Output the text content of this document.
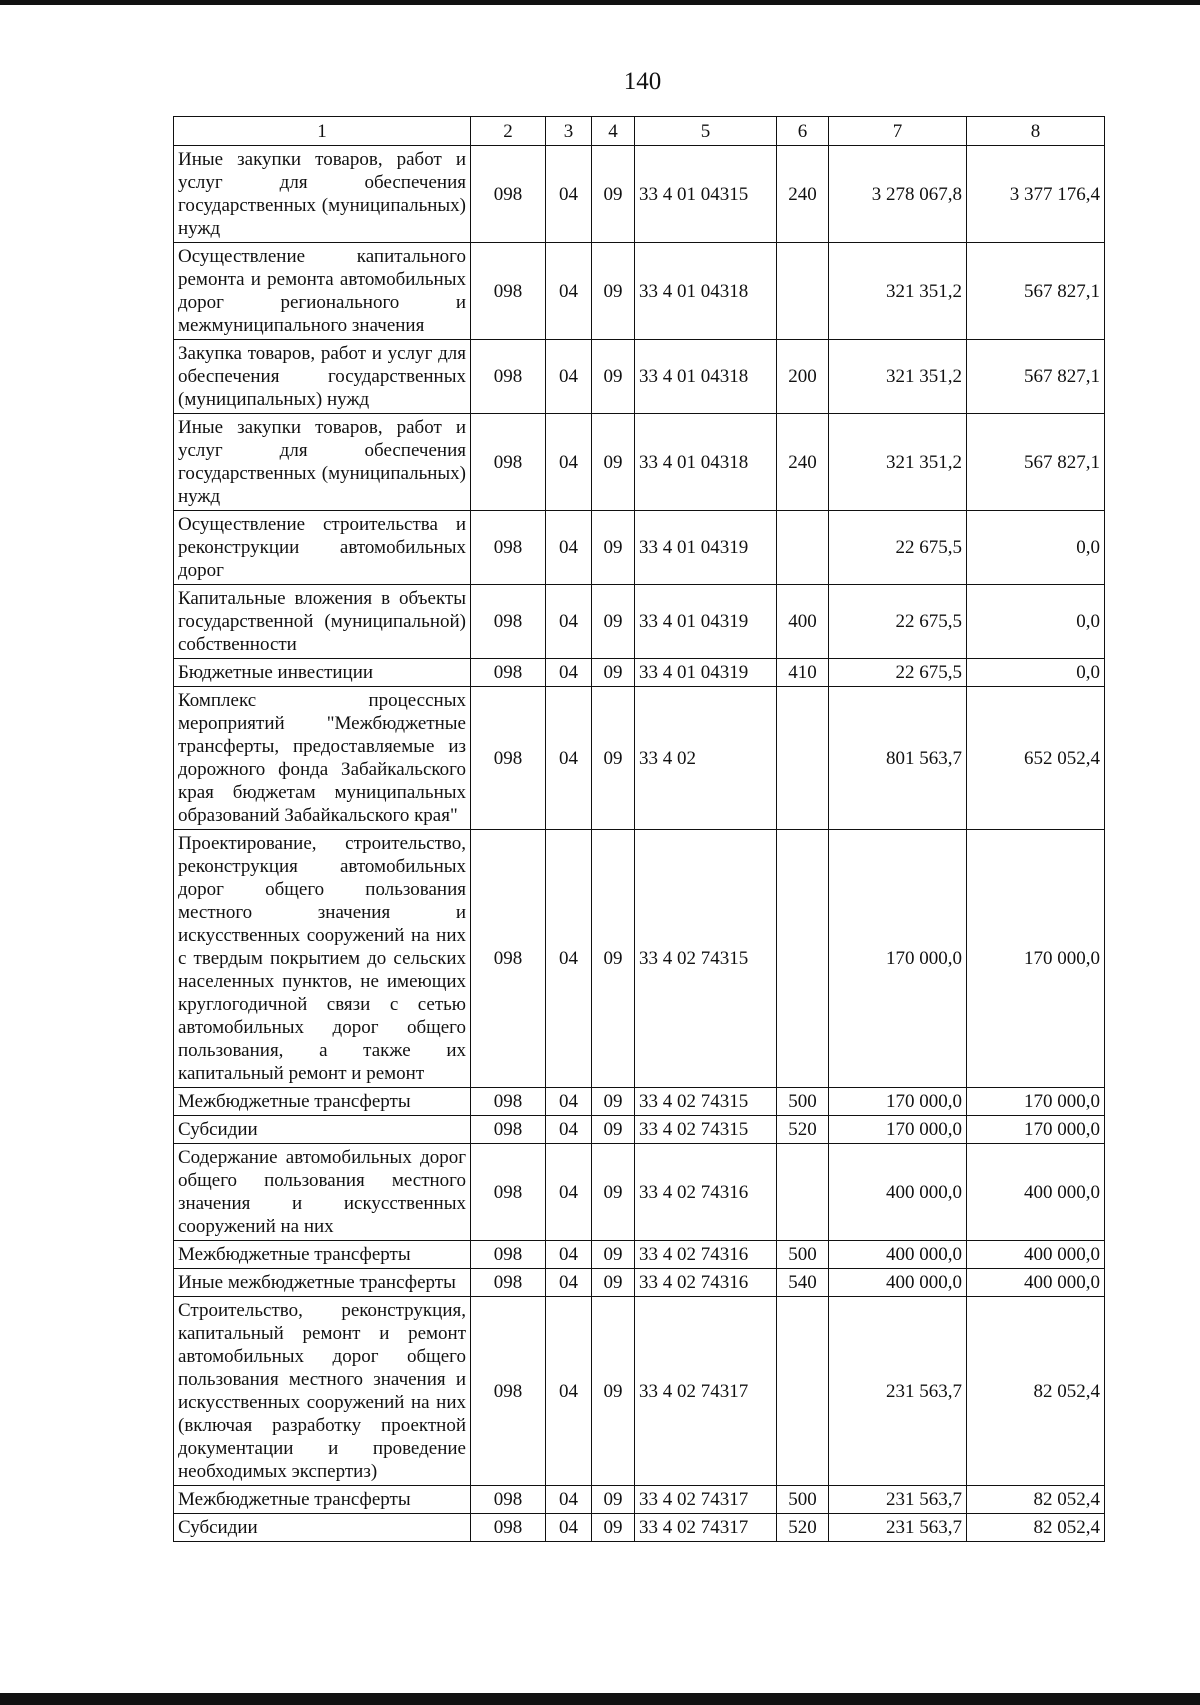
140
1	2	3	4	5	6	7	8
Иные закупки товаров, работ и услуг для обеспечения государственных (муниципальных) нужд	098	04	09	33 4 01 04315	240	3 278 067,8	3 377 176,4
Осуществление капитального ремонта и ремонта автомобильных дорог регионального и межмуниципального значения	098	04	09	33 4 01 04318		321 351,2	567 827,1
Закупка товаров, работ и услуг для обеспечения государственных (муниципальных) нужд	098	04	09	33 4 01 04318	200	321 351,2	567 827,1
Иные закупки товаров, работ и услуг для обеспечения государственных (муниципальных) нужд	098	04	09	33 4 01 04318	240	321 351,2	567 827,1
Осуществление строительства и реконструкции автомобильных дорог	098	04	09	33 4 01 04319		22 675,5	0,0
Капитальные вложения в объекты государственной (муниципальной) собственности	098	04	09	33 4 01 04319	400	22 675,5	0,0
Бюджетные инвестиции	098	04	09	33 4 01 04319	410	22 675,5	0,0
Комплекс процессных мероприятий "Межбюджетные трансферты, предоставляемые из дорожного фонда Забайкальского края бюджетам муниципальных образований Забайкальского края"	098	04	09	33 4 02		801 563,7	652 052,4
Проектирование, строительство, реконструкция автомобильных дорог общего пользования местного значения и искусственных сооружений на них с твердым покрытием до сельских населенных пунктов, не имеющих круглогодичной связи с сетью автомобильных дорог общего пользования, а также их капитальный ремонт и ремонт	098	04	09	33 4 02 74315		170 000,0	170 000,0
Межбюджетные трансферты	098	04	09	33 4 02 74315	500	170 000,0	170 000,0
Субсидии	098	04	09	33 4 02 74315	520	170 000,0	170 000,0
Содержание автомобильных дорог общего пользования местного значения и искусственных сооружений на них	098	04	09	33 4 02 74316		400 000,0	400 000,0
Межбюджетные трансферты	098	04	09	33 4 02 74316	500	400 000,0	400 000,0
Иные межбюджетные трансферты	098	04	09	33 4 02 74316	540	400 000,0	400 000,0
Строительство, реконструкция, капитальный ремонт и ремонт автомобильных дорог общего пользования местного значения и искусственных сооружений на них (включая разработку проектной документации и проведение необходимых экспертиз)	098	04	09	33 4 02 74317		231 563,7	82 052,4
Межбюджетные трансферты	098	04	09	33 4 02 74317	500	231 563,7	82 052,4
Субсидии	098	04	09	33 4 02 74317	520	231 563,7	82 052,4
